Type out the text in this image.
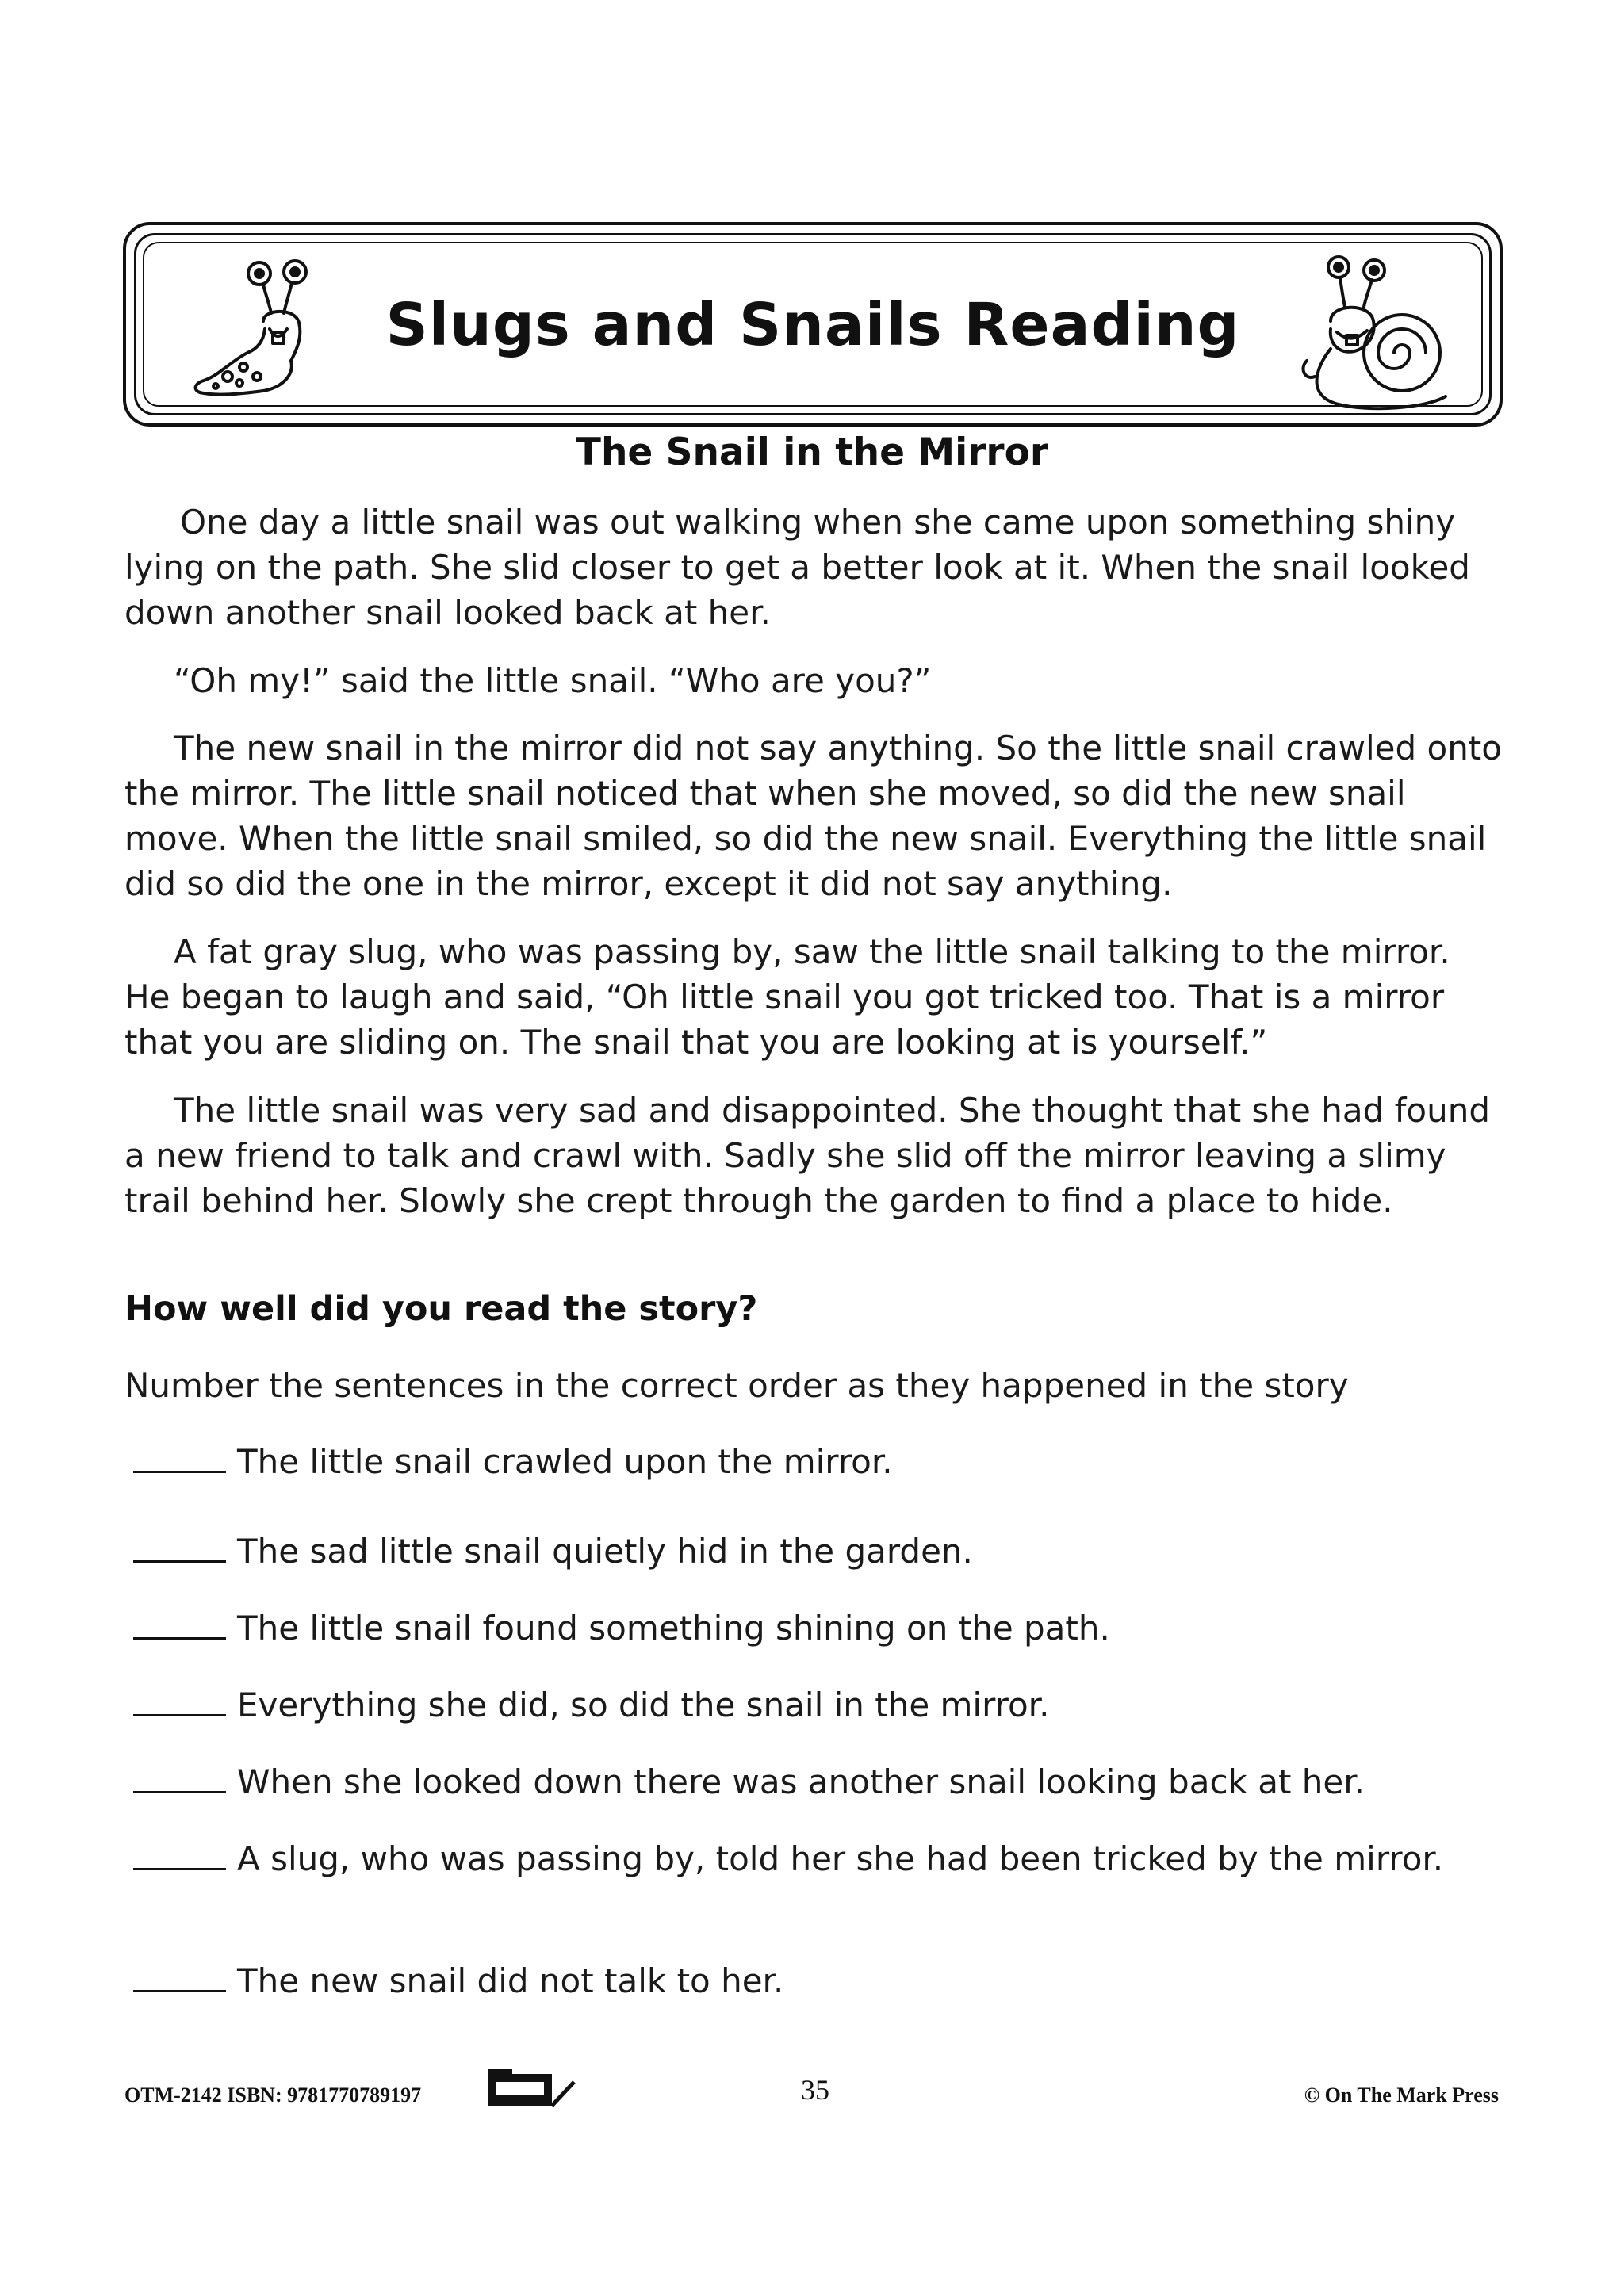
Slugs and Snails Reading
The Snail in the Mirror

One day a little snail was out walking when she came upon something shiny lying on the path. She slid closer to get a better look at it. When the snail looked down another snail looked back at her.

“Oh my!” said the little snail. “Who are you?”

The new snail in the mirror did not say anything. So the little snail crawled onto the mirror. The little snail noticed that when she moved, so did the new snail move. When the little snail smiled, so did the new snail. Everything the little snail did so did the one in the mirror, except it did not say anything.

A fat gray slug, who was passing by, saw the little snail talking to the mirror. He began to laugh and said, “Oh little snail you got tricked too. That is a mirror that you are sliding on. The snail that you are looking at is yourself.”

The little snail was very sad and disappointed. She thought that she had found a new friend to talk and crawl with. Sadly she slid off the mirror leaving a slimy trail behind her. Slowly she crept through the garden to find a place to hide.

How well did you read the story?

Number the sentences in the correct order as they happened in the story

The little snail crawled upon the mirror.
The sad little snail quietly hid in the garden.
The little snail found something shining on the path.
Everything she did, so did the snail in the mirror.
When she looked down there was another snail looking back at her.
A slug, who was passing by, told her she had been tricked by the mirror.
The new snail did not talk to her.
OTM-2142 ISBN: 9781770789197	35	© On The Mark Press
